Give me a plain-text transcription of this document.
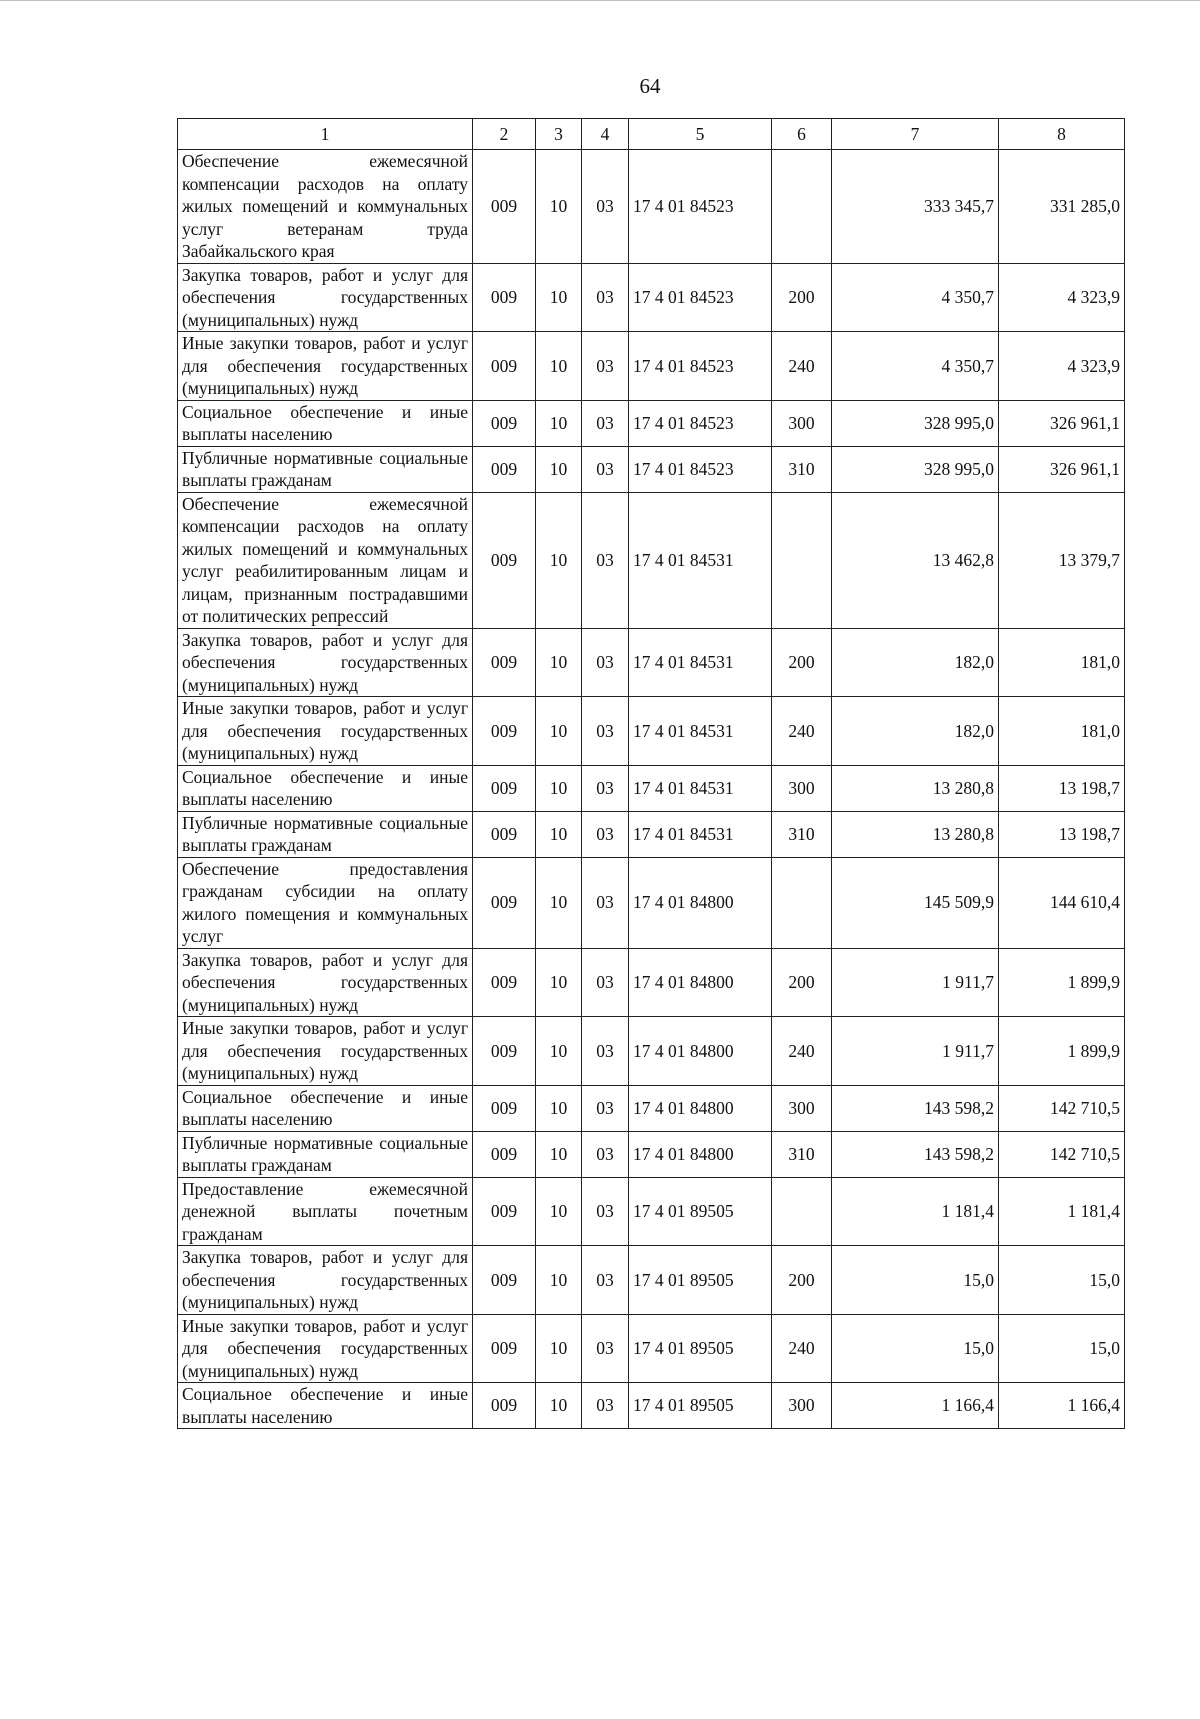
64
1	2	3	4	5	6	7	8
Обеспечение ежемесячной компенсации расходов на оплату жилых помещений и коммунальных услуг ветеранам труда Забайкальского края	009	10	03	17 4 01 84523		333 345,7	331 285,0
Закупка товаров, работ и услуг для обеспечения государственных (муниципальных) нужд	009	10	03	17 4 01 84523	200	4 350,7	4 323,9
Иные закупки товаров, работ и услуг для обеспечения государственных (муниципальных) нужд	009	10	03	17 4 01 84523	240	4 350,7	4 323,9
Социальное обеспечение и иные выплаты населению	009	10	03	17 4 01 84523	300	328 995,0	326 961,1
Публичные нормативные социальные выплаты гражданам	009	10	03	17 4 01 84523	310	328 995,0	326 961,1
Обеспечение ежемесячной компенсации расходов на оплату жилых помещений и коммунальных услуг реабилитированным лицам и лицам, признанным пострадавшими от политических репрессий	009	10	03	17 4 01 84531		13 462,8	13 379,7
Закупка товаров, работ и услуг для обеспечения государственных (муниципальных) нужд	009	10	03	17 4 01 84531	200	182,0	181,0
Иные закупки товаров, работ и услуг для обеспечения государственных (муниципальных) нужд	009	10	03	17 4 01 84531	240	182,0	181,0
Социальное обеспечение и иные выплаты населению	009	10	03	17 4 01 84531	300	13 280,8	13 198,7
Публичные нормативные социальные выплаты гражданам	009	10	03	17 4 01 84531	310	13 280,8	13 198,7
Обеспечение предоставления гражданам субсидии на оплату жилого помещения и коммунальных услуг	009	10	03	17 4 01 84800		145 509,9	144 610,4
Закупка товаров, работ и услуг для обеспечения государственных (муниципальных) нужд	009	10	03	17 4 01 84800	200	1 911,7	1 899,9
Иные закупки товаров, работ и услуг для обеспечения государственных (муниципальных) нужд	009	10	03	17 4 01 84800	240	1 911,7	1 899,9
Социальное обеспечение и иные выплаты населению	009	10	03	17 4 01 84800	300	143 598,2	142 710,5
Публичные нормативные социальные выплаты гражданам	009	10	03	17 4 01 84800	310	143 598,2	142 710,5
Предоставление ежемесячной денежной выплаты почетным гражданам	009	10	03	17 4 01 89505		1 181,4	1 181,4
Закупка товаров, работ и услуг для обеспечения государственных (муниципальных) нужд	009	10	03	17 4 01 89505	200	15,0	15,0
Иные закупки товаров, работ и услуг для обеспечения государственных (муниципальных) нужд	009	10	03	17 4 01 89505	240	15,0	15,0
Социальное обеспечение и иные выплаты населению	009	10	03	17 4 01 89505	300	1 166,4	1 166,4
